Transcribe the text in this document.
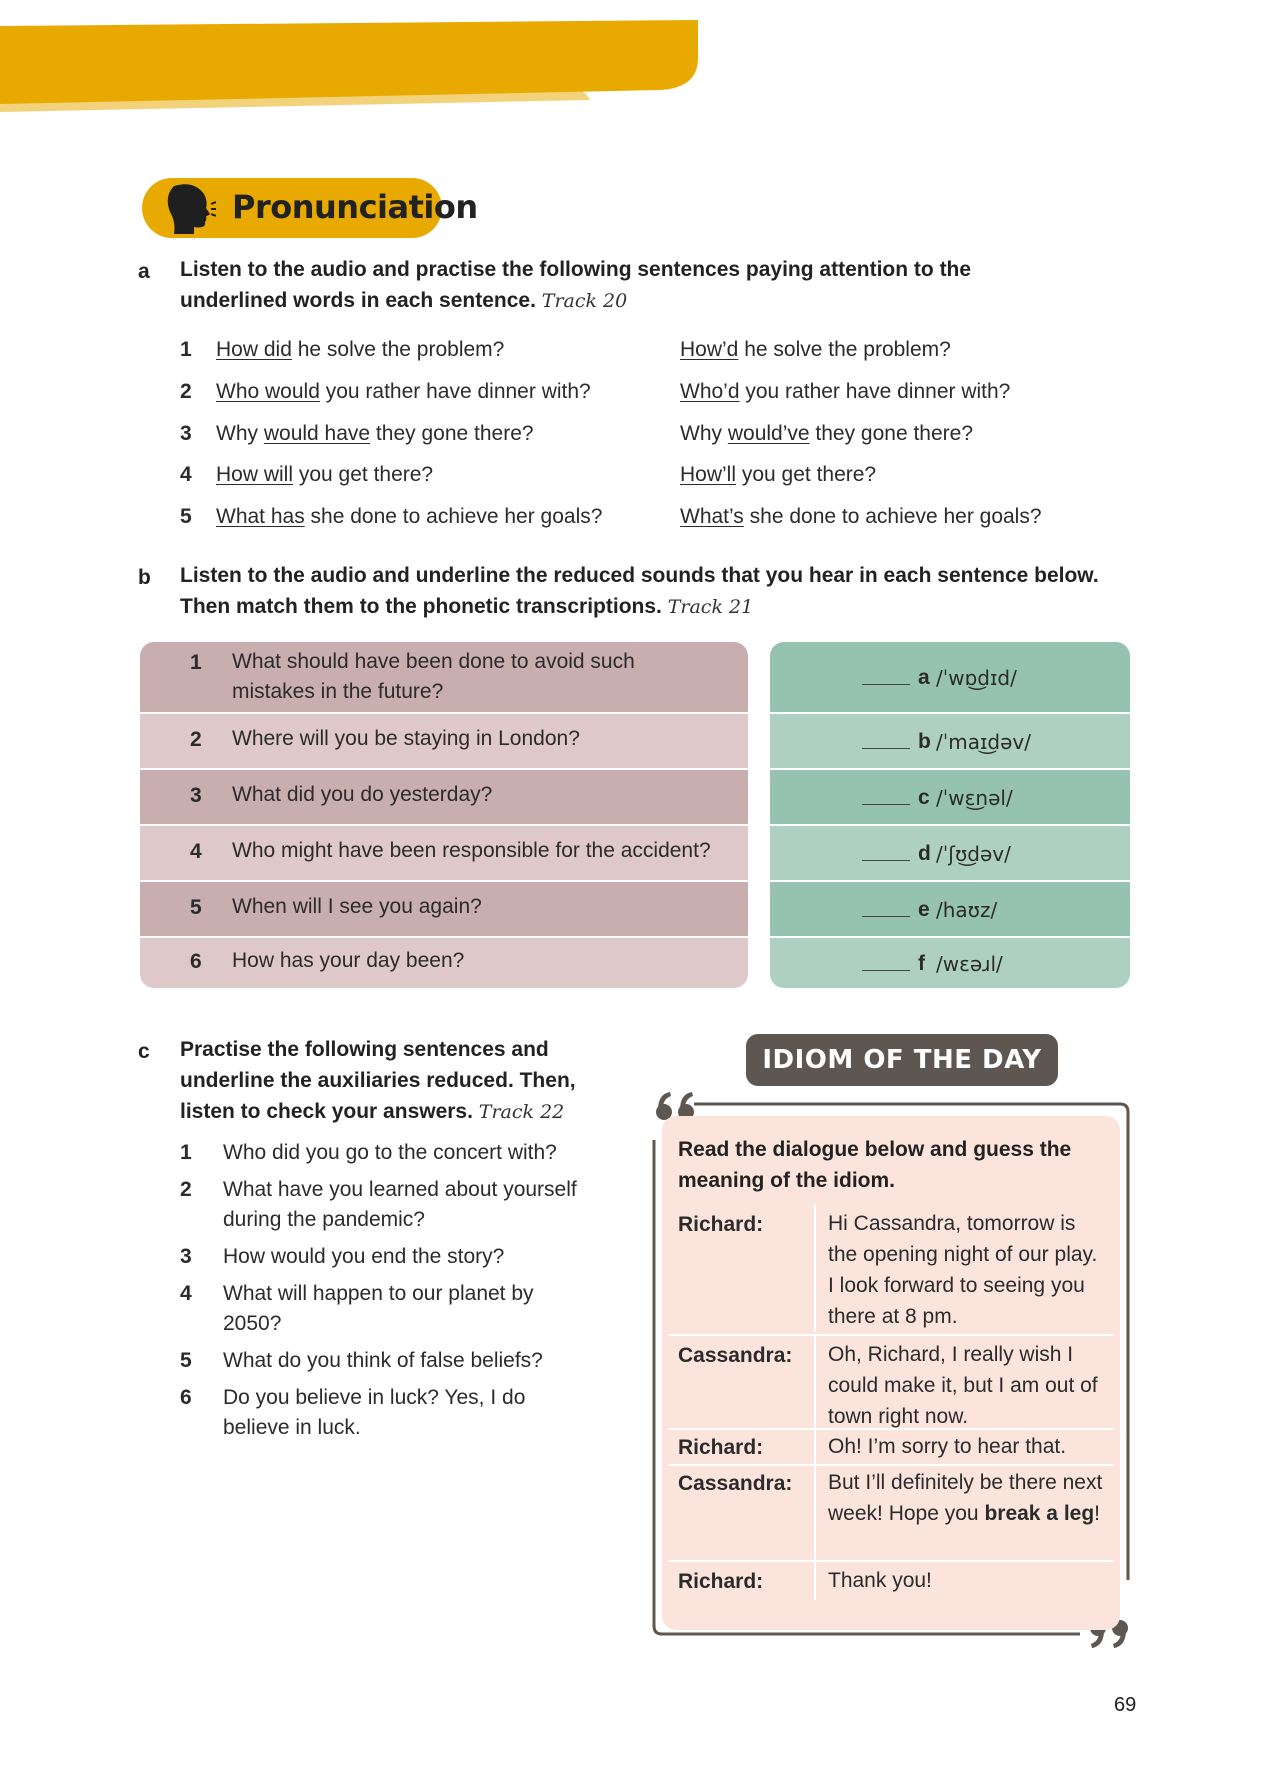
Pronunciation
a Listen to the audio and practise the following sentences paying attention to the underlined words in each sentence. Track 20
1	How did he solve the problem?	How’d he solve the problem?
2	Who would you rather have dinner with?	Who’d you rather have dinner with?
3	Why would have they gone there?	Why would’ve they gone there?
4	How will you get there?	How’ll you get there?
5	What has she done to achieve her goals?	What’s she done to achieve her goals?
b Listen to the audio and underline the reduced sounds that you hear in each sentence below. Then match them to the phonetic transcriptions. Track 21
1 What should have been done to avoid such mistakes in the future?
2 Where will you be staying in London?
3 What did you do yesterday?
4 Who might have been responsible for the accident?
5 When will I see you again?
6 How has your day been?
a /ˈwɒ͜dɪd/
b /ˈmaɪ͜dəv/
c /ˈwɛ͜nəl/
d /ˈʃʊ͜dəv/
e /haʊz/
f /wɛəɹl/
c Practise the following sentences and underline the auxiliaries reduced. Then, listen to check your answers. Track 22
1 Who did you go to the concert with?
2 What have you learned about yourself during the pandemic?
3 How would you end the story?
4 What will happen to our planet by 2050?
5 What do you think of false beliefs?
6 Do you believe in luck? Yes, I do believe in luck.
IDIOM OF THE DAY
Read the dialogue below and guess the meaning of the idiom.
Richard:	Hi Cassandra, tomorrow is the opening night of our play. I look forward to seeing you there at 8 pm.
Cassandra: Oh, Richard, I really wish I could make it, but I am out of town right now.
Richard:	Oh! I’m sorry to hear that.
Cassandra: But I’ll definitely be there next week! Hope you break a leg!
Richard:	Thank you!
69
